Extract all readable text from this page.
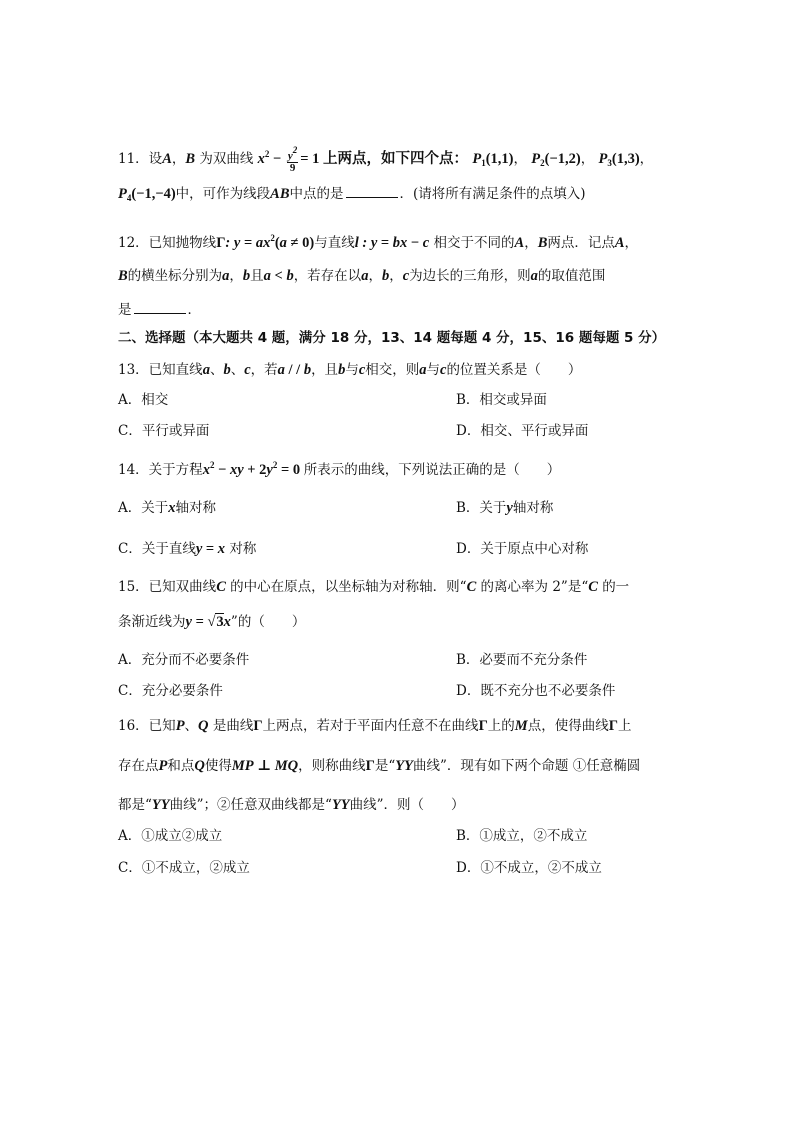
11．设A，B 为双曲线 $x^2 - \frac{y^2}{9} = 1$ 上两点，如下四个点： $P_1(1,1)$， $P_2(-1,2)$， $P_3(1,3)$，
$P_4(-1,-4)$中，可作为线段AB中点的是	．(请将所有满足条件的点填入)
12．已知抛物线Γ: $y = ax^2(a \ne 0)$与直线l : y = bx − c 相交于不同的A，B两点．记点A，
B的横坐标分别为a，b且a < b，若存在以a，b，c为边长的三角形，则a的取值范围
是	．
二、选择题（本大题共 4 题，满分 18 分，13、14 题每题 4 分，15、16 题每题 5 分）
13．已知直线a、b、c，若a / / b，且b与c相交，则a与c的位置关系是（　　）
A．相交	B．相交或异面
C．平行或异面	D．相交、平行或异面
14．关于方程$x^2$ − xy + $2y^2 = 0$ 所表示的曲线，下列说法正确的是（　　）
A．关于x轴对称	B．关于y轴对称
C．关于直线y = x 对称	D．关于原点中心对称
15．已知双曲线C 的中心在原点，以坐标轴为对称轴．则“C 的离心率为 2”是“C 的一
条渐近线为y = √3x”的（　　）
A．充分而不必要条件	B．必要而不充分条件
C．充分必要条件	D．既不充分也不必要条件
16．已知P、Q 是曲线Γ上两点，若对于平面内任意不在曲线Γ上的M点，使得曲线Γ上
存在点P和点Q使得MP ⊥ MQ，则称曲线Γ是“YY曲线”．现有如下两个命题 ①任意椭圆
都是“YY曲线”；②任意双曲线都是“YY曲线”．则（　　）
A．①成立②成立	B．①成立，②不成立
C．①不成立，②成立	D．①不成立，②不成立
